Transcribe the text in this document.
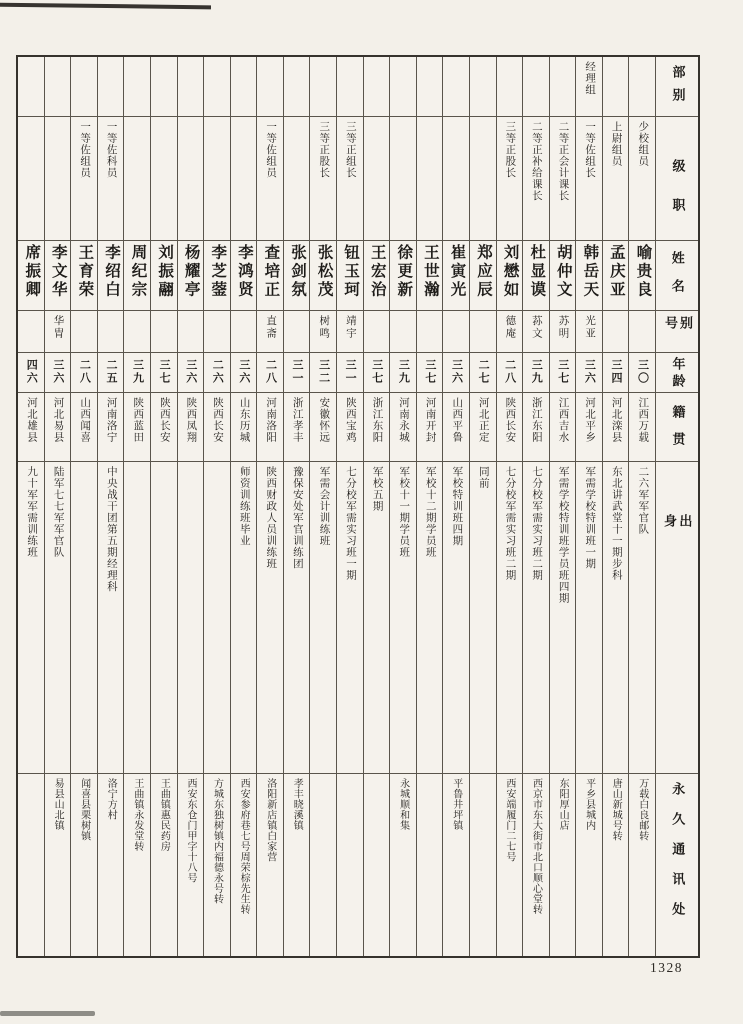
部别
级职
姓名
别号
年龄
籍贯
出身
永久通讯处
少校组员
喻贵良
三〇
江西万载
二六军军官队
万载白良邮转
上尉组员
孟庆亚
三四
河北滦县
东北讲武堂十一期步科
唐山新城号转
经理组
一等佐组长
韩岳天
光亚
三六
河北平乡
军需学校特训班一期
平乡县城内
二等正会计课长
胡仲文
苏明
三七
江西吉水
军需学校特训班学员班四期
东阳厚山店
二等正补给课长
杜显谟
荪文
三九
浙江东阳
七分校军需实习班二期
西京市东大街市北口顺心堂转
三等正股长
刘懋如
德庵
二八
陕西长安
七分校军需实习班二期
西安端履门二七号
郑应辰
二七
河北正定
同前
崔寅光
三六
山西平鲁
军校特训班四期
平鲁井坪镇
王世瀚
三七
河南开封
军校十二期学员班
徐更新
三九
河南永城
军校十一期学员班
永城顺和集
王宏治
三七
浙江东阳
军校五期
三等正组长
钮玉珂
靖宇
三一
陕西宝鸡
七分校军需实习班一期
三等正股长
张松茂
树鸣
三二
安徽怀远
军需会计训练班
张剑氛
三一
浙江孝丰
豫保安处军官训练团
孝丰晓溪镇
一等佐组员
查培正
直斋
二八
河南洛阳
陕西财政人员训练班
洛阳新店镇白家营
李鸿贤
三六
山东历城
师资训练班毕业
西安参府巷七号周荣棕先生转
李芝蓥
二六
陕西长安
方城东独树镇内福德永号转
杨耀亭
三六
陕西凤翔
西安东仓门甲字十八号
刘振翮
三七
陕西长安
王曲镇惠民药房
周纪宗
三九
陕西蓝田
王曲镇永发堂转
一等佐科员
李绍白
二五
河南洛宁
中央战干团第五期经理科
洛宁方村
一等佐组员
王育荣
二八
山西闻喜
闻喜县栗树镇
李文华
华胄
三六
河北易县
陆军七七军军官队
易县山北镇
席振卿
四六
河北雄县
九十军军需训练班
1328
